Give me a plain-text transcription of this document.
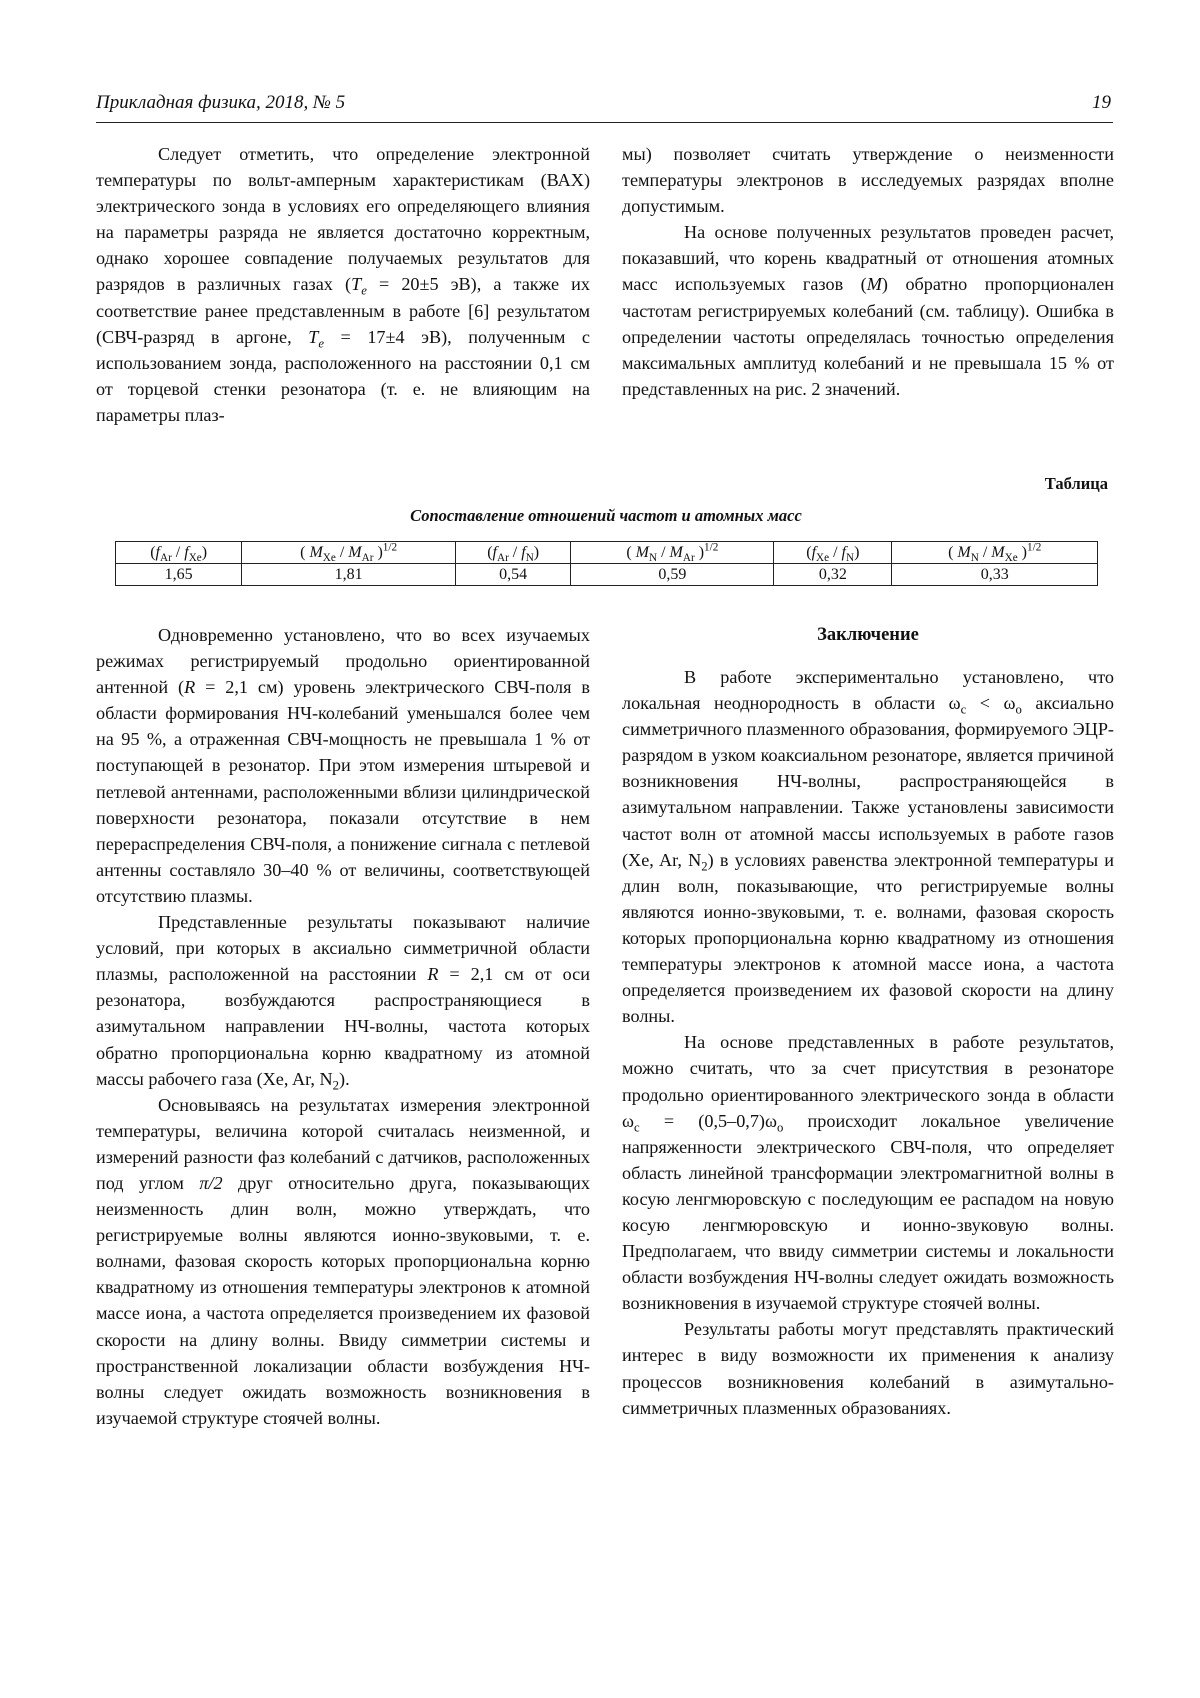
Прикладная физика, 2018, № 5	19

Следует отметить, что определение электронной температуры по вольт-амперным характеристикам (ВАХ) электрического зонда в условиях его определяющего влияния на параметры разряда не является достаточно корректным, однако хорошее совпадение получаемых результатов для разрядов в различных газах ($T_e = 20\pm 5$ эВ), а также их соответствие ранее представленным в работе [6] результатом (СВЧ-разряд в аргоне, $T_e = 17\pm 4$ эВ), полученным с использованием зонда, расположенного на расстоянии 0,1 см от торцевой стенки резонатора (т. е. не влияющим на параметры плаз-

мы) позволяет считать утверждение о неизменности температуры электронов в исследуемых разрядах вполне допустимым.

На основе полученных результатов проведен расчет, показавший, что корень квадратный от отношения атомных масс используемых газов (M) обратно пропорционален частотам регистрируемых колебаний (см. таблицу). Ошибка в определении частоты определялась точностью определения максимальных амплитуд колебаний и не превышала 15 % от представленных на рис. 2 значений.

Таблица
Сопоставление отношений частот и атомных масс
$(f_{Ar} / f_{Xe})$	( $M_{Xe} / M_{Ar}$ )$^{1/2}$	$(f_{Ar} / f_N)$	( $M_N / M_{Ar}$ )$^{1/2}$	$(f_{Xe} / f_N)$	( $M_N / M_{Xe}$ )$^{1/2}$
1,65	1,81	0,54	0,59	0,32	0,33

Одновременно установлено, что во всех изучаемых режимах регистрируемый продольно ориентированной антенной (R = 2,1 см) уровень электрического СВЧ-поля в области формирования НЧ-колебаний уменьшался более чем на 95 %, а отраженная СВЧ-мощность не превышала 1 % от поступающей в резонатор. При этом измерения штыревой и петлевой антеннами, расположенными вблизи цилиндрической поверхности резонатора, показали отсутствие в нем перераспределения СВЧ-поля, а понижение сигнала с петлевой антенны составляло 30–40 % от величины, соответствующей отсутствию плазмы.

Представленные результаты показывают наличие условий, при которых в аксиально симметричной области плазмы, расположенной на расстоянии R = 2,1 см от оси резонатора, возбуждаются распространяющиеся в азимутальном направлении НЧ-волны, частота которых обратно пропорциональна корню квадратному из атомной массы рабочего газа (Xe, Ar, $N_2$).

Основываясь на результатах измерения электронной температуры, величина которой считалась неизменной, и измерений разности фаз колебаний с датчиков, расположенных под углом π/2 друг относительно друга, показывающих неизменность длин волн, можно утверждать, что регистрируемые волны являются ионно-звуковыми, т. е. волнами, фазовая скорость которых пропорциональна корню квадратному из отношения температуры электронов к атомной массе иона, а частота определяется произведением их фазовой скорости на длину волны. Ввиду симметрии системы и пространственной локализации области возбуждения НЧ-волны следует ожидать возможность возникновения в изучаемой структуре стоячей волны.

Заключение

В работе экспериментально установлено, что локальная неоднородность в области $\omega_c < \omega_o$ аксиально симметричного плазменного образования, формируемого ЭЦР-разрядом в узком коаксиальном резонаторе, является причиной возникновения НЧ-волны, распространяющейся в азимутальном направлении. Также установлены зависимости частот волн от атомной массы используемых в работе газов (Xe, Ar, $N_2$) в условиях равенства электронной температуры и длин волн, показывающие, что регистрируемые волны являются ионно-звуковыми, т. е. волнами, фазовая скорость которых пропорциональна корню квадратному из отношения температуры электронов к атомной массе иона, а частота определяется произведением их фазовой скорости на длину волны.

На основе представленных в работе результатов, можно считать, что за счет присутствия в резонаторе продольно ориентированного электрического зонда в области $\omega_c = (0,5-0,7)\omega_o$ происходит локальное увеличение напряженности электрического СВЧ-поля, что определяет область линейной трансформации электромагнитной волны в косую ленгмюровскую с последующим ее распадом на новую косую ленгмюровскую и ионно-звуковую волны. Предполагаем, что ввиду симметрии системы и локальности области возбуждения НЧ-волны следует ожидать возможность возникновения в изучаемой структуре стоячей волны.

Результаты работы могут представлять практический интерес в виду возможности их применения к анализу процессов возникновения колебаний в азимутально-симметричных плазменных образованиях.
